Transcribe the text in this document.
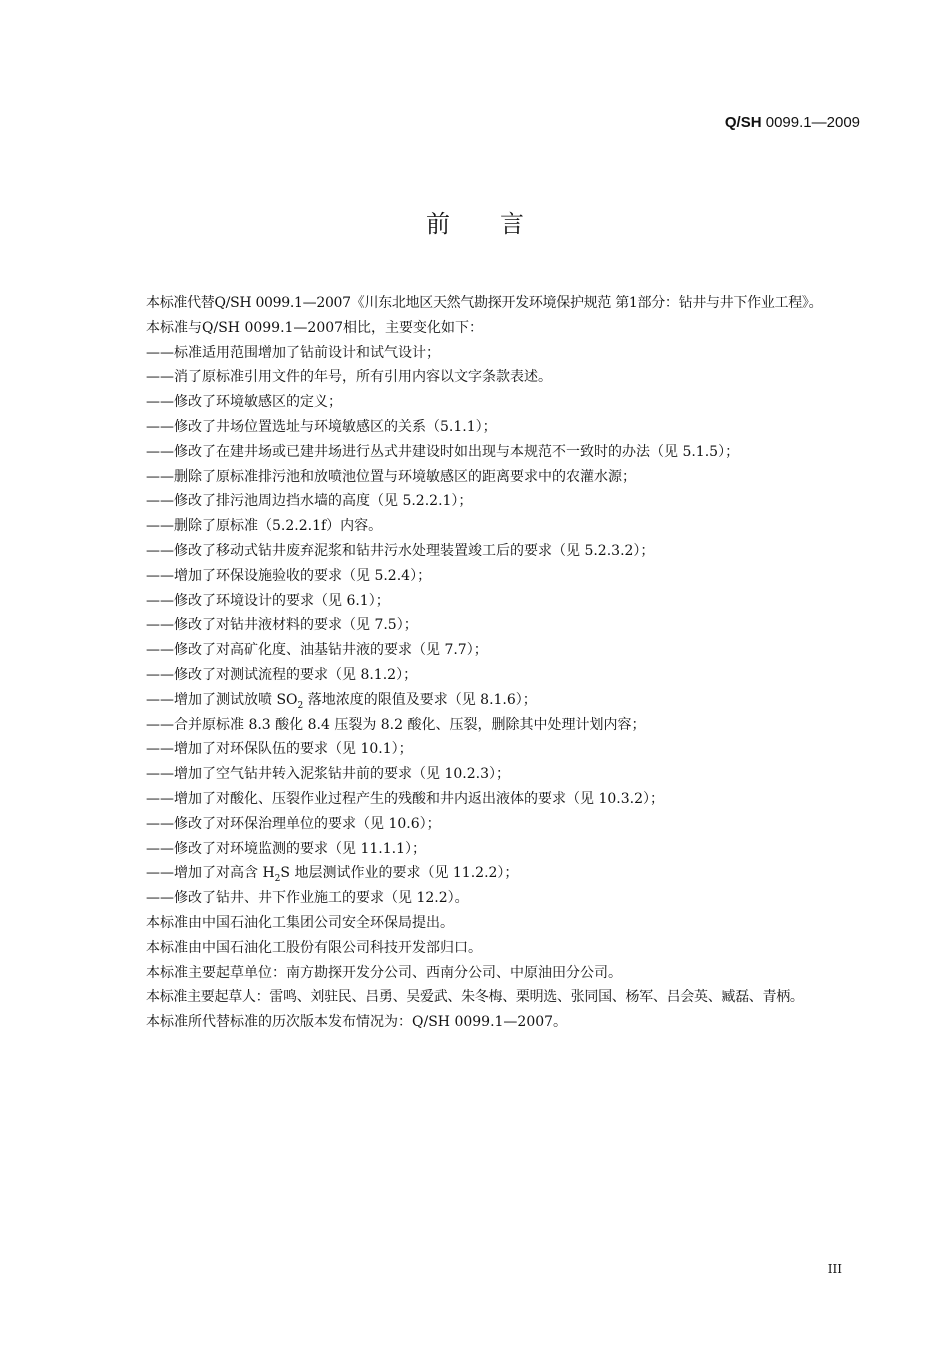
Q/SH 0099.1—2009
前言

本标准代替Q/SH 0099.1—2007《川东北地区天然气勘探开发环境保护规范 第1部分：钻井与井下作业工程》。

本标准与Q/SH 0099.1—2007相比，主要变化如下：

——标准适用范围增加了钻前设计和试气设计；

——消了原标准引用文件的年号，所有引用内容以文字条款表述。

——修改了环境敏感区的定义；

——修改了井场位置选址与环境敏感区的关系（5.1.1）；

——修改了在建井场或已建井场进行丛式井建设时如出现与本规范不一致时的办法（见 5.1.5）；

——删除了原标准排污池和放喷池位置与环境敏感区的距离要求中的农灌水源；

——修改了排污池周边挡水墙的高度（见 5.2.2.1）；

——删除了原标准（5.2.2.1f）内容。

——修改了移动式钻井废弃泥浆和钻井污水处理装置竣工后的要求（见 5.2.3.2）；

——增加了环保设施验收的要求（见 5.2.4）；

——修改了环境设计的要求（见 6.1）；

——修改了对钻井液材料的要求（见 7.5）；

——修改了对高矿化度、油基钻井液的要求（见 7.7）；

——修改了对测试流程的要求（见 8.1.2）；

——增加了测试放喷 $SO_2$ 落地浓度的限值及要求（见 8.1.6）；

——合并原标准 8.3 酸化 8.4 压裂为 8.2 酸化、压裂，删除其中处理计划内容；

——增加了对环保队伍的要求（见 10.1）；

——增加了空气钻井转入泥浆钻井前的要求（见 10.2.3）；

——增加了对酸化、压裂作业过程产生的残酸和井内返出液体的要求（见 10.3.2）；

——修改了对环保治理单位的要求（见 10.6）；

——修改了对环境监测的要求（见 11.1.1）；

——增加了对高含 $H_2S$ 地层测试作业的要求（见 11.2.2）；

——修改了钻井、井下作业施工的要求（见 12.2）。

本标准由中国石油化工集团公司安全环保局提出。

本标准由中国石油化工股份有限公司科技开发部归口。

本标准主要起草单位：南方勘探开发分公司、西南分公司、中原油田分公司。

本标准主要起草人：雷鸣、刘驻民、吕勇、吴爱武、朱冬梅、栗明选、张同国、杨军、吕会英、臧磊、青柄。

本标准所代替标准的历次版本发布情况为：Q/SH 0099.1—2007。

III
